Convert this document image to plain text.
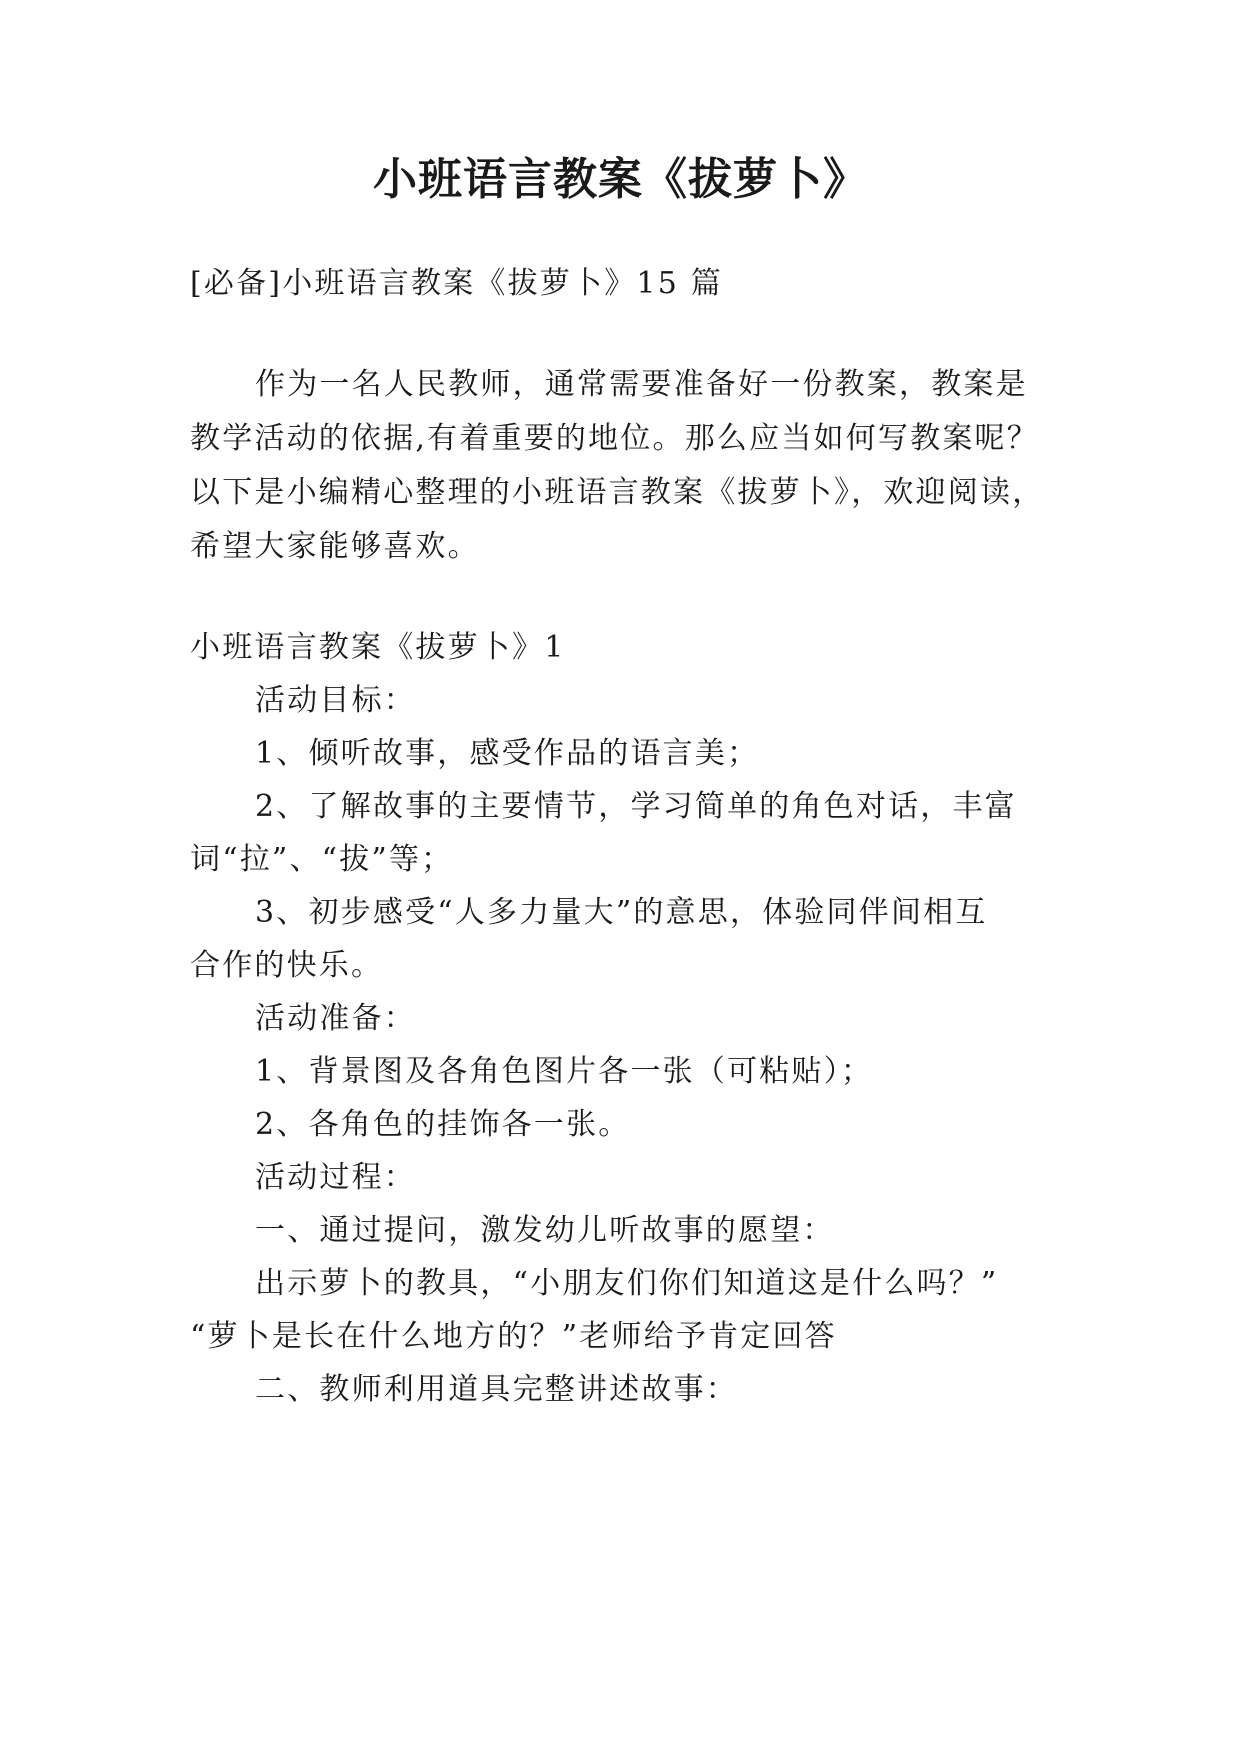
小班语言教案《拔萝卜》

[必备]小班语言教案《拔萝卜》15 篇

作为一名人民教师，通常需要准备好一份教案，教案是

教学活动的依据,有着重要的地位。那么应当如何写教案呢？

以下是小编精心整理的小班语言教案《拔萝卜》，欢迎阅读，

希望大家能够喜欢。

小班语言教案《拔萝卜》1

活动目标：

1、倾听故事，感受作品的语言美；

2、了解故事的主要情节，学习简单的角色对话，丰富

词“拉”、“拔”等；

3、初步感受“人多力量大”的意思，体验同伴间相互

合作的快乐。

活动准备：

1、背景图及各角色图片各一张（可粘贴）；

2、各角色的挂饰各一张。

活动过程：

一、通过提问，激发幼儿听故事的愿望：

出示萝卜的教具，“小朋友们你们知道这是什么吗？”

“萝卜是长在什么地方的？”老师给予肯定回答

二、教师利用道具完整讲述故事：
